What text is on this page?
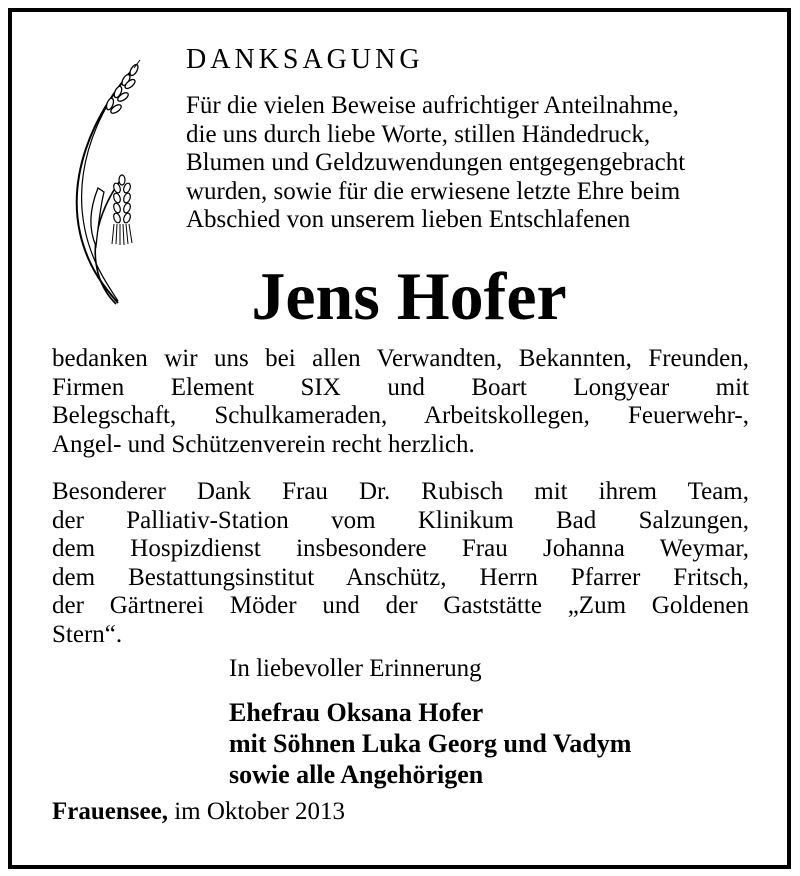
DANKSAGUNG
Für die vielen Beweise aufrichtiger Anteilnahme,
die uns durch liebe Worte, stillen Händedruck,
Blumen und Geldzuwendungen entgegengebracht
wurden, sowie für die erwiesene letzte Ehre beim
Abschied von unserem lieben Entschlafenen
Jens Hofer
bedanken wir uns bei allen Verwandten, Bekannten, Freunden,
Firmen Element SIX und Boart Longyear mit
Belegschaft, Schulkameraden, Arbeitskollegen, Feuerwehr-,
Angel- und Schützenverein recht herzlich.
Besonderer Dank Frau Dr. Rubisch mit ihrem Team,
der Palliativ-Station vom Klinikum Bad Salzungen,
dem Hospizdienst insbesondere Frau Johanna Weymar,
dem Bestattungsinstitut Anschütz, Herrn Pfarrer Fritsch,
der Gärtnerei Möder und der Gaststätte „Zum Goldenen
Stern“.
In liebevoller Erinnerung
Ehefrau Oksana Hofer
mit Söhnen Luka Georg und Vadym
sowie alle Angehörigen
Frauensee, im Oktober 2013
